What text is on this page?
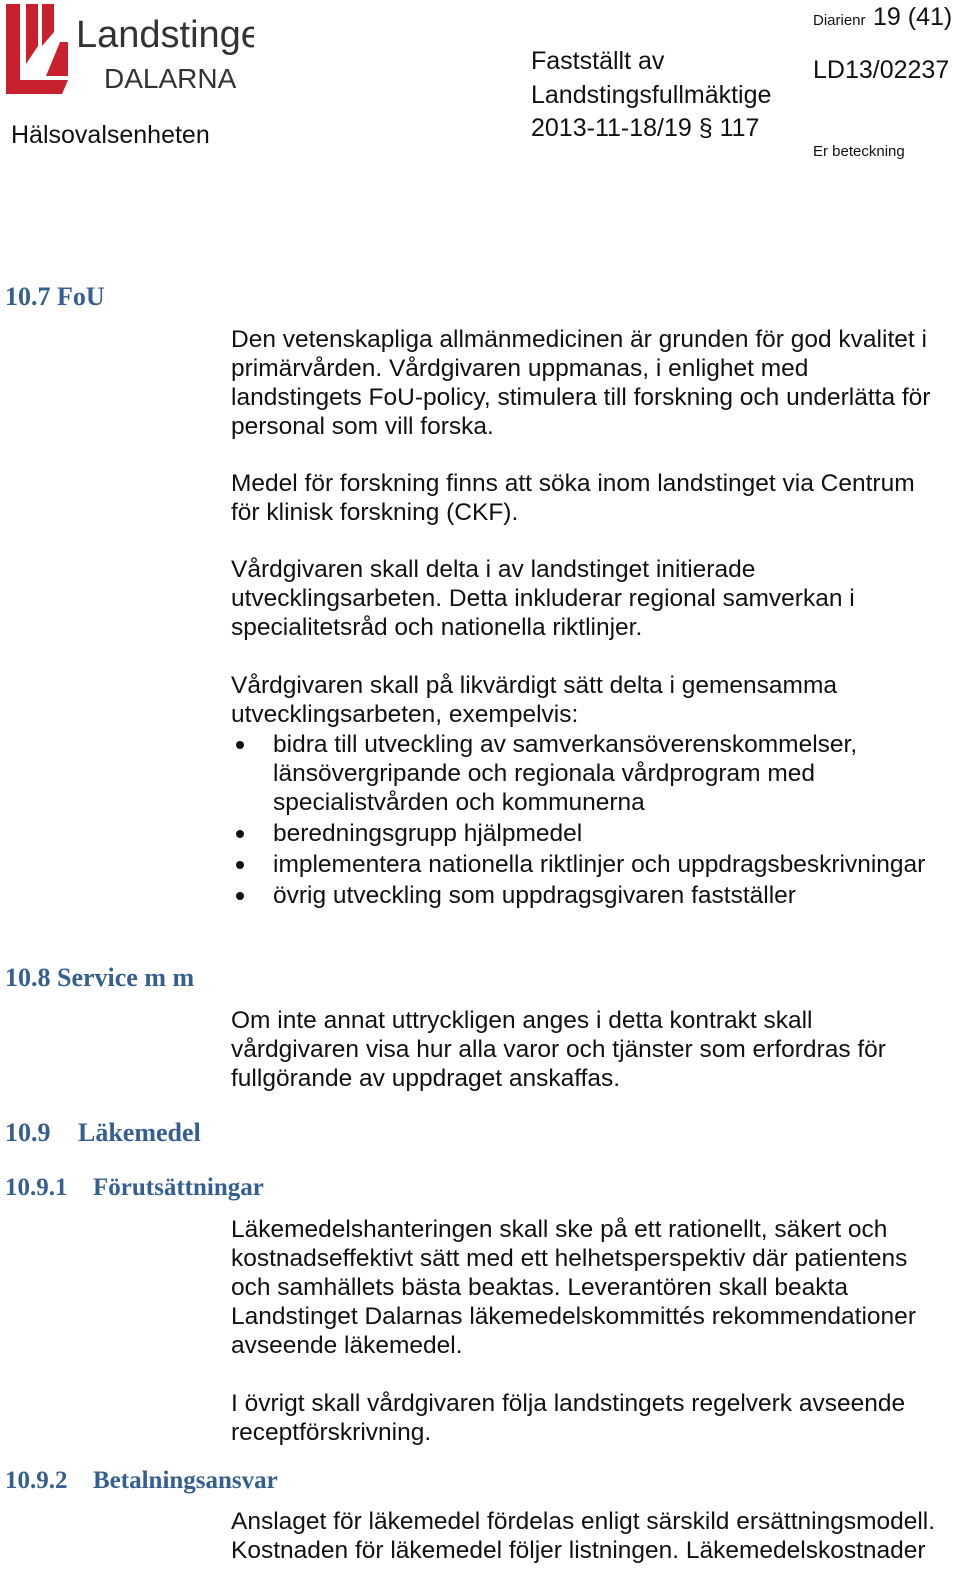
Landstinget
DALARNA
Hälsovalsenheten
Fastställt av
Landstingsfullmäktige
2013-11-18/19 § 117
Diarienr 19 (41)
LD13/02237
Er beteckning
10.7 FoU
Den vetenskapliga allmänmedicinen är grunden för god kvalitet i
primärvården. Vårdgivaren uppmanas, i enlighet med
landstingets FoU-policy, stimulera till forskning och underlätta för
personal som vill forska.
Medel för forskning finns att söka inom landstinget via Centrum
för klinisk forskning (CKF).
Vårdgivaren skall delta i av landstinget initierade
utvecklingsarbeten. Detta inkluderar regional samverkan i
specialitetsråd och nationella riktlinjer.
Vårdgivaren skall på likvärdigt sätt delta i gemensamma
utvecklingsarbeten, exempelvis:
bidra till utveckling av samverkansöverenskommelser,
länsövergripande och regionala vårdprogram med
specialistvården och kommunerna
beredningsgrupp hjälpmedel
implementera nationella riktlinjer och uppdragsbeskrivningar
övrig utveckling som uppdragsgivaren fastställer
10.8 Service m m
Om inte annat uttryckligen anges i detta kontrakt skall
vårdgivaren visa hur alla varor och tjänster som erfordras för
fullgörande av uppdraget anskaffas.
10.9 Läkemedel
10.9.1 Förutsättningar
Läkemedelshanteringen skall ske på ett rationellt, säkert och
kostnadseffektivt sätt med ett helhetsperspektiv där patientens
och samhällets bästa beaktas. Leverantören skall beakta
Landstinget Dalarnas läkemedelskommittés rekommendationer
avseende läkemedel.
I övrigt skall vårdgivaren följa landstingets regelverk avseende
receptförskrivning.
10.9.2 Betalningsansvar
Anslaget för läkemedel fördelas enligt särskild ersättningsmodell.
Kostnaden för läkemedel följer listningen. Läkemedelskostnader
